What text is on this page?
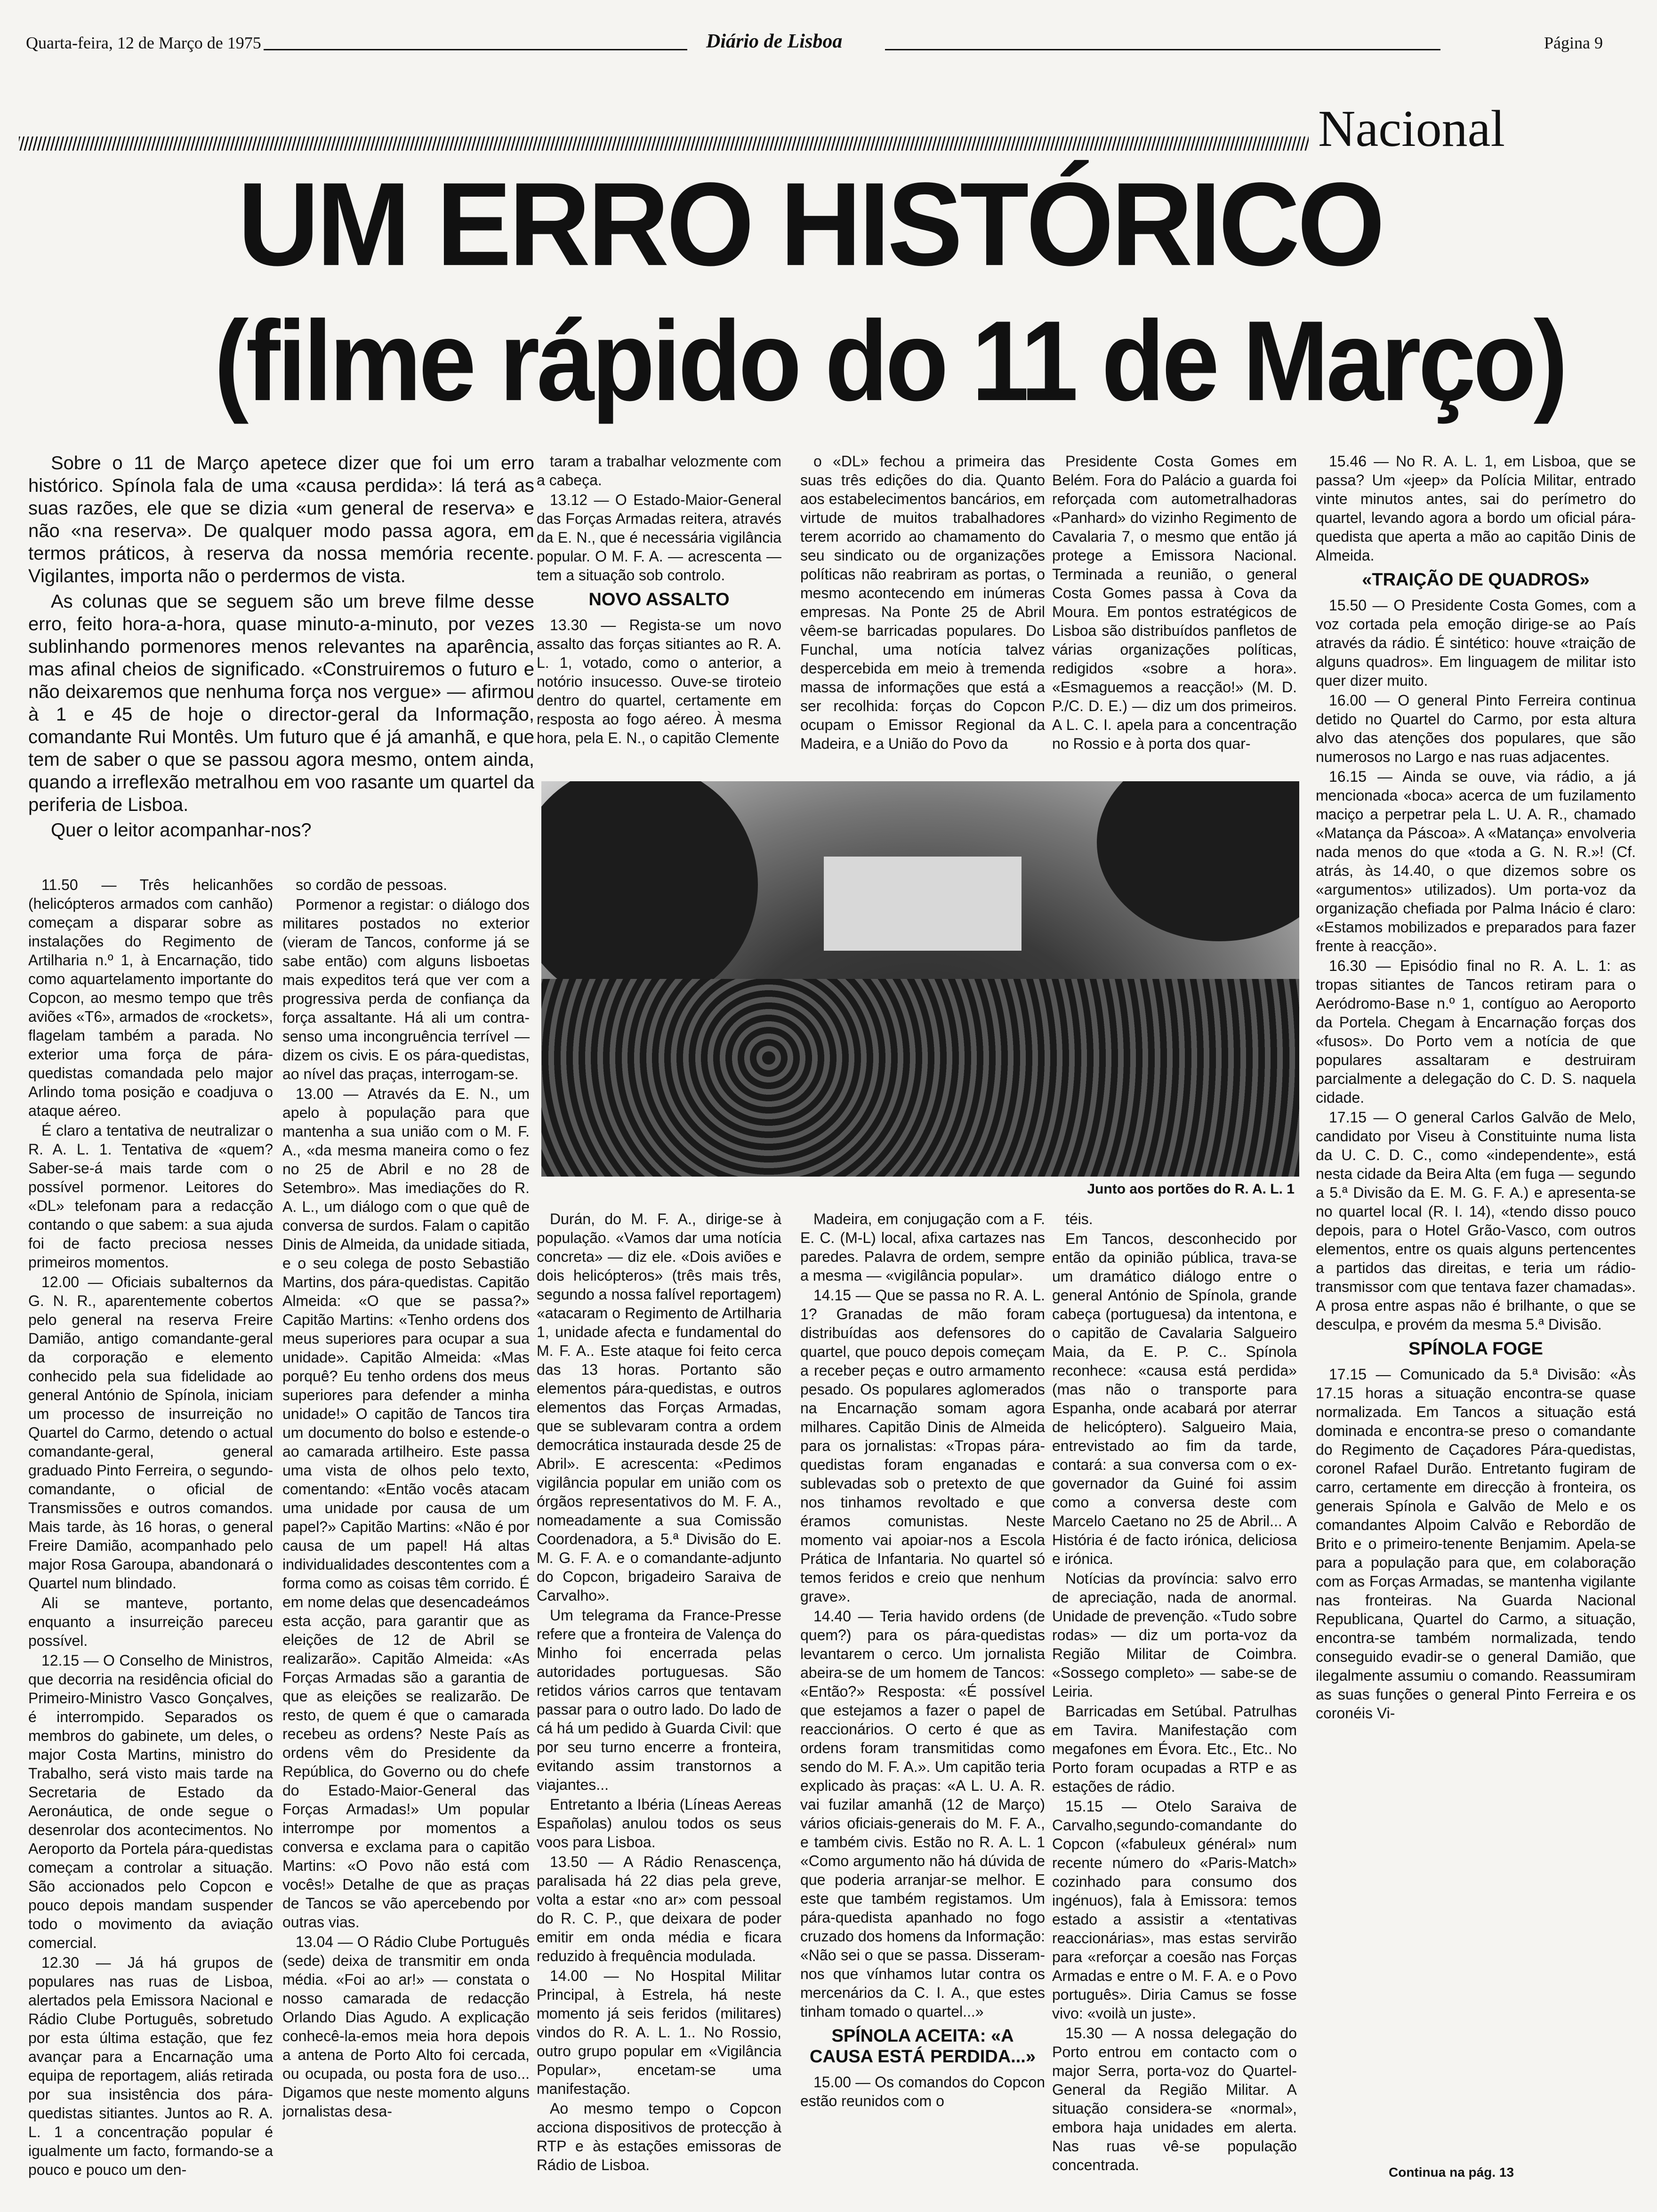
Quarta-feira, 12 de Março de 1975	Diário de Lisboa	Página 9
Nacional
UM ERRO HISTÓRICO
(filme rápido do 11 de Março)

Sobre o 11 de Março apetece dizer que foi um erro histórico. Spínola fala de uma «causa perdida»: lá terá as suas razões, ele que se dizia «um general de reserva» e não «na reserva». De qualquer modo passa agora, em termos práticos, à reserva da nossa memória recente. Vigilantes, importa não o perdermos de vista.

As colunas que se seguem são um breve filme desse erro, feito hora-a-hora, quase minuto-a-minuto, por vezes sublinhando pormenores menos relevantes na aparência, mas afinal cheios de significado. «Construiremos o futuro e não deixaremos que nenhuma força nos vergue» — afirmou à 1 e 45 de hoje o director-geral da Informação, comandante Rui Montês. Um futuro que é já amanhã, e que tem de saber o que se passou agora mesmo, ontem ainda, quando a irreflexão metralhou em voo rasante um quartel da periferia de Lisboa.

Quer o leitor acompanhar-nos?

11.50 — Três helicanhões (helicópteros armados com canhão) começam a disparar sobre as instalações do Regimento de Artilharia n.º 1, à Encarnação, tido como aquartelamento importante do Copcon, ao mesmo tempo que três aviões «T6», armados de «rockets», flagelam também a parada. No exterior uma força de pára-quedistas comandada pelo major Arlindo toma posição e coadjuva o ataque aéreo.

É claro a tentativa de neutralizar o R. A. L. 1. Tentativa de «quem? Saber-se-á mais tarde com o possível pormenor. Leitores do «DL» telefonam para a redacção contando o que sabem: a sua ajuda foi de facto preciosa nesses primeiros momentos.

12.00 — Oficiais subalternos da G. N. R., aparentemente cobertos pelo general na reserva Freire Damião, antigo comandante-geral da corporação e elemento conhecido pela sua fidelidade ao general António de Spínola, iniciam um processo de insurreição no Quartel do Carmo, detendo o actual comandante-geral, general graduado Pinto Ferreira, o segundo-comandante, o oficial de Transmissões e outros comandos. Mais tarde, às 16 horas, o general Freire Damião, acompanhado pelo major Rosa Garoupa, abandonará o Quartel num blindado.

Ali se manteve, portanto, enquanto a insurreição pareceu possível.

12.15 — O Conselho de Ministros, que decorria na residência oficial do Primeiro-Ministro Vasco Gonçalves, é interrompido. Separados os membros do gabinete, um deles, o major Costa Martins, ministro do Trabalho, será visto mais tarde na Secretaria de Estado da Aeronáutica, de onde segue o desenrolar dos acontecimentos. No Aeroporto da Portela pára-quedistas começam a controlar a situação. São accionados pelo Copcon e pouco depois mandam suspender todo o movimento da aviação comercial.

12.30 — Já há grupos de populares nas ruas de Lisboa, alertados pela Emissora Nacional e Rádio Clube Português, sobretudo por esta última estação, que fez avançar para a Encarnação uma equipa de reportagem, aliás retirada por sua insistência dos pára-quedistas sitiantes. Juntos ao R. A. L. 1 a concentração popular é igualmente um facto, formando-se a pouco e pouco um den-

so cordão de pessoas.

Pormenor a registar: o diálogo dos militares postados no exterior (vieram de Tancos, conforme já se sabe então) com alguns lisboetas mais expeditos terá que ver com a progressiva perda de confiança da força assaltante. Há ali um contra-senso uma incongruência terrível — dizem os civis. E os pára-quedistas, ao nível das praças, interrogam-se.

13.00 — Através da E. N., um apelo à população para que mantenha a sua união com o M. F. A., «da mesma maneira como o fez no 25 de Abril e no 28 de Setembro». Mas imediações do R. A. L., um diálogo com o que quê de conversa de surdos. Falam o capitão Dinis de Almeida, da unidade sitiada, e o seu colega de posto Sebastião Martins, dos pára-quedistas. Capitão Almeida: «O que se passa?» Capitão Martins: «Tenho ordens dos meus superiores para ocupar a sua unidade». Capitão Almeida: «Mas porquê? Eu tenho ordens dos meus superiores para defender a minha unidade!» O capitão de Tancos tira um documento do bolso e estende-o ao camarada artilheiro. Este passa uma vista de olhos pelo texto, comentando: «Então vocês atacam uma unidade por causa de um papel?» Capitão Martins: «Não é por causa de um papel! Há altas individualidades descontentes com a forma como as coisas têm corrido. É em nome delas que desencadeámos esta acção, para garantir que as eleições de 12 de Abril se realizarão». Capitão Almeida: «As Forças Armadas são a garantia de que as eleições se realizarão. De resto, de quem é que o camarada recebeu as ordens? Neste País as ordens vêm do Presidente da República, do Governo ou do chefe do Estado-Maior-General das Forças Armadas!» Um popular interrompe por momentos a conversa e exclama para o capitão Martins: «O Povo não está com vocês!» Detalhe de que as praças de Tancos se vão apercebendo por outras vias.

13.04 — O Rádio Clube Português (sede) deixa de transmitir em onda média. «Foi ao ar!» — constata o nosso camarada de redacção Orlando Dias Agudo. A explicação conhecê-la-emos meia hora depois a antena de Porto Alto foi cercada, ou ocupada, ou posta fora de uso... Digamos que neste momento alguns jornalistas desa-

taram a trabalhar velozmente com a cabeça.

13.12 — O Estado-Maior-General das Forças Armadas reitera, através da E. N., que é necessária vigilância popular. O M. F. A. — acrescenta — tem a situação sob controlo.

NOVO ASSALTO

13.30 — Regista-se um novo assalto das forças sitiantes ao R. A. L. 1, votado, como o anterior, a notório insucesso. Ouve-se tiroteio dentro do quartel, certamente em resposta ao fogo aéreo. À mesma hora, pela E. N., o capitão Clemente

o «DL» fechou a primeira das suas três edições do dia. Quanto aos estabelecimentos bancários, em virtude de muitos trabalhadores terem acorrido ao chamamento do seu sindicato ou de organizações políticas não reabriram as portas, o mesmo acontecendo em inúmeras empresas. Na Ponte 25 de Abril vêem-se barricadas populares. Do Funchal, uma notícia talvez despercebida em meio à tremenda massa de informações que está a ser recolhida: forças do Copcon ocupam o Emissor Regional da Madeira, e a União do Povo da

Presidente Costa Gomes em Belém. Fora do Palácio a guarda foi reforçada com autometralhadoras «Panhard» do vizinho Regimento de Cavalaria 7, o mesmo que então já protege a Emissora Nacional. Terminada a reunião, o general Costa Gomes passa à Cova da Moura. Em pontos estratégicos de Lisboa são distribuídos panfletos de várias organizações políticas, redigidos «sobre a hora». «Esmaguemos a reacção!» (M. D. P./C. D. E.) — diz um dos primeiros. A L. C. I. apela para a concentração no Rossio e à porta dos quar-

Junto aos portões do R. A. L. 1

Durán, do M. F. A., dirige-se à população. «Vamos dar uma notícia concreta» — diz ele. «Dois aviões e dois helicópteros» (três mais três, segundo a nossa falível reportagem) «atacaram o Regimento de Artilharia 1, unidade afecta e fundamental do M. F. A.. Este ataque foi feito cerca das 13 horas. Portanto são elementos pára-quedistas, e outros elementos das Forças Armadas, que se sublevaram contra a ordem democrática instaurada desde 25 de Abril». E acrescenta: «Pedimos vigilância popular em união com os órgãos representativos do M. F. A., nomeadamente a sua Comissão Coordenadora, a 5.ª Divisão do E. M. G. F. A. e o comandante-adjunto do Copcon, brigadeiro Saraiva de Carvalho».

Um telegrama da France-Presse refere que a fronteira de Valença do Minho foi encerrada pelas autoridades portuguesas. São retidos vários carros que tentavam passar para o outro lado. Do lado de cá há um pedido à Guarda Civil: que por seu turno encerre a fronteira, evitando assim transtornos a viajantes...

Entretanto a Ibéria (Líneas Aereas Españolas) anulou todos os seus voos para Lisboa.

13.50 — A Rádio Renascença, paralisada há 22 dias pela greve, volta a estar «no ar» com pessoal do R. C. P., que deixara de poder emitir em onda média e ficara reduzido à frequência modulada.

14.00 — No Hospital Militar Principal, à Estrela, há neste momento já seis feridos (militares) vindos do R. A. L. 1.. No Rossio, outro grupo popular em «Vigilância Popular», encetam-se uma manifestação.

Ao mesmo tempo o Copcon acciona dispositivos de protecção à RTP e às estações emissoras de Rádio de Lisboa.

Madeira, em conjugação com a F. E. C. (M-L) local, afixa cartazes nas paredes. Palavra de ordem, sempre a mesma — «vigilância popular».

14.15 — Que se passa no R. A. L. 1? Granadas de mão foram distribuídas aos defensores do quartel, que pouco depois começam a receber peças e outro armamento pesado. Os populares aglomerados na Encarnação somam agora milhares. Capitão Dinis de Almeida para os jornalistas: «Tropas pára-quedistas foram enganadas e sublevadas sob o pretexto de que nos tinhamos revoltado e que éramos comunistas. Neste momento vai apoiar-nos a Escola Prática de Infantaria. No quartel só temos feridos e creio que nenhum grave».

14.40 — Teria havido ordens (de quem?) para os pára-quedistas levantarem o cerco. Um jornalista abeira-se de um homem de Tancos: «Então?» Resposta: «É possível que estejamos a fazer o papel de reaccionários. O certo é que as ordens foram transmitidas como sendo do M. F. A.». Um capitão teria explicado às praças: «A L. U. A. R. vai fuzilar amanhã (12 de Março) vários oficiais-generais do M. F. A., e também civis. Estão no R. A. L. 1 «Como argumento não há dúvida de que poderia arranjar-se melhor. E este que também registamos. Um pára-quedista apanhado no fogo cruzado dos homens da Informação: «Não sei o que se passa. Disseram-nos que vínhamos lutar contra os mercenários da C. I. A., que estes tinham tomado o quartel...»

SPÍNOLA ACEITA: «A CAUSA ESTÁ PERDIDA...»

15.00 — Os comandos do Copcon estão reunidos com o

téis.

Em Tancos, desconhecido por então da opinião pública, trava-se um dramático diálogo entre o general António de Spínola, grande cabeça (portuguesa) da intentona, e o capitão de Cavalaria Salgueiro Maia, da E. P. C.. Spínola reconhece: «causa está perdida» (mas não o transporte para Espanha, onde acabará por aterrar de helicóptero). Salgueiro Maia, entrevistado ao fim da tarde, contará: a sua conversa com o ex-governador da Guiné foi assim como a conversa deste com Marcelo Caetano no 25 de Abril... A História é de facto irónica, deliciosa e irónica.

Notícias da província: salvo erro de apreciação, nada de anormal. Unidade de prevenção. «Tudo sobre rodas» — diz um porta-voz da Região Militar de Coimbra. «Sossego completo» — sabe-se de Leiria.

Barricadas em Setúbal. Patrulhas em Tavira. Manifestação com megafones em Évora. Etc., Etc.. No Porto foram ocupadas a RTP e as estações de rádio.

15.15 — Otelo Saraiva de Carvalho,segundo-comandante do Copcon («fabuleux général» num recente número do «Paris-Match» cozinhado para consumo dos ingénuos), fala à Emissora: temos estado a assistir a «tentativas reaccionárias», mas estas servirão para «reforçar a coesão nas Forças Armadas e entre o M. F. A. e o Povo português». Diria Camus se fosse vivo: «voilà un juste».

15.30 — A nossa delegação do Porto entrou em contacto com o major Serra, porta-voz do Quartel-General da Região Militar. A situação considera-se «normal», embora haja unidades em alerta. Nas ruas vê-se população concentrada.

15.46 — No R. A. L. 1, em Lisboa, que se passa? Um «jeep» da Polícia Militar, entrado vinte minutos antes, sai do perímetro do quartel, levando agora a bordo um oficial pára-quedista que aperta a mão ao capitão Dinis de Almeida.

«TRAIÇÃO DE QUADROS»

15.50 — O Presidente Costa Gomes, com a voz cortada pela emoção dirige-se ao País através da rádio. É sintético: houve «traição de alguns quadros». Em linguagem de militar isto quer dizer muito.

16.00 — O general Pinto Ferreira continua detido no Quartel do Carmo, por esta altura alvo das atenções dos populares, que são numerosos no Largo e nas ruas adjacentes.

16.15 — Ainda se ouve, via rádio, a já mencionada «boca» acerca de um fuzilamento maciço a perpetrar pela L. U. A. R., chamado «Matança da Páscoa». A «Matança» envolveria nada menos do que «toda a G. N. R.»! (Cf. atrás, às 14.40, o que dizemos sobre os «argumentos» utilizados). Um porta-voz da organização chefiada por Palma Inácio é claro: «Estamos mobilizados e preparados para fazer frente à reacção».

16.30 — Episódio final no R. A. L. 1: as tropas sitiantes de Tancos retiram para o Aeródromo-Base n.º 1, contíguo ao Aeroporto da Portela. Chegam à Encarnação forças dos «fusos». Do Porto vem a notícia de que populares assaltaram e destruiram parcialmente a delegação do C. D. S. naquela cidade.

17.15 — O general Carlos Galvão de Melo, candidato por Viseu à Constituinte numa lista da U. C. D. C., como «independente», está nesta cidade da Beira Alta (em fuga — segundo a 5.ª Divisão da E. M. G. F. A.) e apresenta-se no quartel local (R. I. 14), «tendo disso pouco depois, para o Hotel Grão-Vasco, com outros elementos, entre os quais alguns pertencentes a partidos das direitas, e teria um rádio-transmissor com que tentava fazer chamadas». A prosa entre aspas não é brilhante, o que se desculpa, e provém da mesma 5.ª Divisão.

SPÍNOLA FOGE

17.15 — Comunicado da 5.ª Divisão: «Às 17.15 horas a situação encontra-se quase normalizada. Em Tancos a situação está dominada e encontra-se preso o comandante do Regimento de Caçadores Pára-quedistas, coronel Rafael Durão. Entretanto fugiram de carro, certamente em direcção à fronteira, os generais Spínola e Galvão de Melo e os comandantes Alpoim Calvão e Rebordão de Brito e o primeiro-tenente Benjamim. Apela-se para a população para que, em colaboração com as Forças Armadas, se mantenha vigilante nas fronteiras. Na Guarda Nacional Republicana, Quartel do Carmo, a situação, encontra-se também normalizada, tendo conseguido evadir-se o general Damião, que ilegalmente assumiu o comando. Reassumiram as suas funções o general Pinto Ferreira e os coronéis Vi-

Continua na pág. 13
